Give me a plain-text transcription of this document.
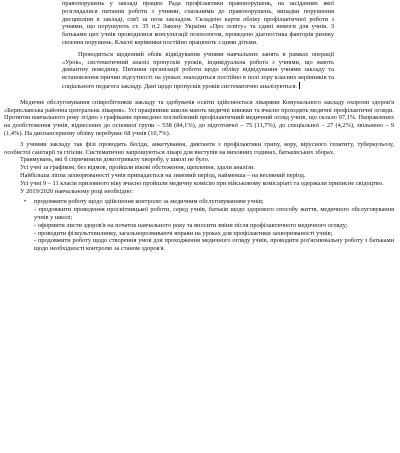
правопорушень у закладі працює Рада профілактики правопорушень, на засіданнях якої розглядалися питання роботи з учнями, схильними до правопорушень, випадки порушення дисципліни в закладі, сім'ї за поза закладом. Складено карти обліку профілактичної роботи з учнями, що порушують ст. 35 п.2 Закону України «Про освіту» та єдині вимоги для учнів. З батьками цих учнів проводилися консультації психологом, проведено діагностика факторів ризику скоєння порушень. Класні керівники постійно працюють з цими дітьми.

Проводиться щоденний облік відвідування учнями навчальних занять в рамках операції «Урок», систематичний аналіз пропусків уроків, індивідуальна робота з учнями, що мають девіантну поведінку. Питання організації роботи щодо обліку відвідування учнями закладу та встановлення причин відсутності на уроках знаходиться постійно в полі зору класних керівників та соціального педагога закладу. Дані щодо пропусків уроків систематично аналізуються.

Медичне обслуговування співробітників закладу та здобувачів освіти здійснюється лікарями Комунального закладу охорони здоров'я «Бериславська районна центральна лікарня». Усі працівники школи мають медичні книжки та вчасно проходять медичні профілактичні огляди. Протягом навчального року згідно з графіками проведено поглиблений профілактичний медичний огляд учнів, що склало 97,1%. Направлених на дообстеження учнів, віднесених до основної групи – 538 (84,1%), до підготовчої – 75 (11,7%), до спеціальної – 27 (4,2%), звільнено – 9 (1,4%). На диспансерному обліку перебуває 68 учнів (10,7%).

З учнями закладу так фізі проводять бесіди, анкетування, диктанти з профілактики грипу, кору, вірусного гепатиту, туберкульозу, особистої санітарії та гігієни. Систематично запрошуються лікарі для виступів на виховних годинах, батьківських зборах.

Травмувань, які б спричинили довготривалу хворобу, у школі не було.

Усі учні за графіком, без відмов, пройшли вікові обстеження, щеплення, здали аналізи.

Найбільша ліппа захворюваності учнів припадається на зимовий період, найменша – на весняний період.

Усі учні 9 – 11 класів призовного віку вчасно пройшли медичну комісію при військовому комісаріаті та одержали приписне свідоцтво.

У 2019/2020 навчальному році необхідно:

• продовжити роботу щодо здійснення контролю за медичним обслуговуванням учнів;
- продовжити проведення просвітницької роботи, серед учнів, батьків щодо здорового способу життя, медичного обслуговування учнів у школі;
- оформити листи здоров'я на початок навчального року та вносити зміни після профілактичного медичного огляду;
- проводити фізкультхвилинку, загальнорозвиваючі вправи на уроках для профілактики захворюваності учнів;
- продовжити роботу щодо створення умов для проходження медичного огляду учнів, проводити роз'яснювальну роботу з батьками щодо необхідності контролю за станом здоров'я.
